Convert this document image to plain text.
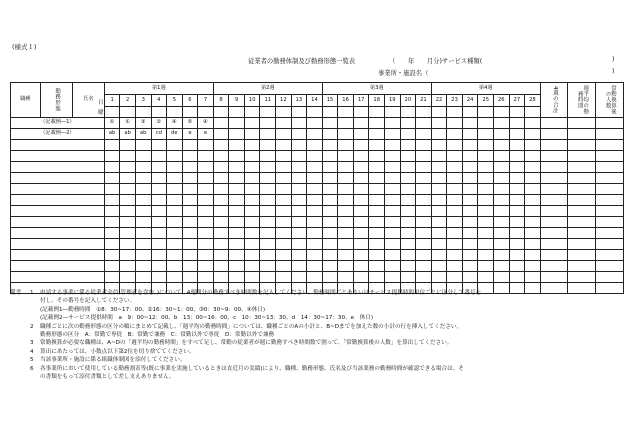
(様式１)
従業者の勤務体制及び勤務形態一覧表	（　　年　　月分)サービス種類(	)
事業所・施設名（	)
職種	勤務形態	氏名	第1週							第2週							第3週							第4週							4週の合計	週平均の勤務時間	常勤換算後の人数

			1	2	3	4	5	6	7	8	9	10	11	12	13	14	15	16	17	18	19	20	21	22	23	24	25	26	27	28			

（記載例―1）			①	①	③	②	④	⑤	④																								
（記載例―2）			ab	ab	ab	cd	de	e	e																								

備考	1	申請する事業に係る従業者全員(管理者を含む。)について、4週間分の勤務すべき時間数を記入してください。勤務時間ごとあるいはサービス提供時間単位ごとに区分して番号を
付し、その番号を記入してください。
(記載例1―勤務時間　①8：30~17：00、②16：30~1：00、③0：30~9：00、④休日)
(記載例2―サービス提供時間　a　9：00~12：00、b　13：00~16：00、c　10：30~13：30、d　14：30~17：30、e　休日)
2	職種ごとに次の勤務形態の区分の順にまとめて記載し、「週平均の勤務時間」については、職種ごとのAの小計と、B~Dまでを加えた数の小計の行を挿入してください。
勤務形態の区分　A：常勤で専従　B：常勤で兼務　C：常勤以外で専従　D：常勤以外で兼務
3	常勤換算が必要な職種は、A~Dの「週平均の勤務時間」をすべて足し、常勤の従業者が週に勤務すべき時間数で割って、「常勤換算後の人数」を算出してください。
4	算出にあたっては、小数点以下第2位を切り捨ててください。
5	当該事業所・施設に係る組織体制図を添付してください。
6	各事業所において使用している勤務割表等(既に事業を実施しているときは直近月の実績)により、職種、勤務形態、氏名及び当該業務の勤務時間が確認できる場合は、そ
の書類をもって添付書類として差し支えありません。
日
曜
